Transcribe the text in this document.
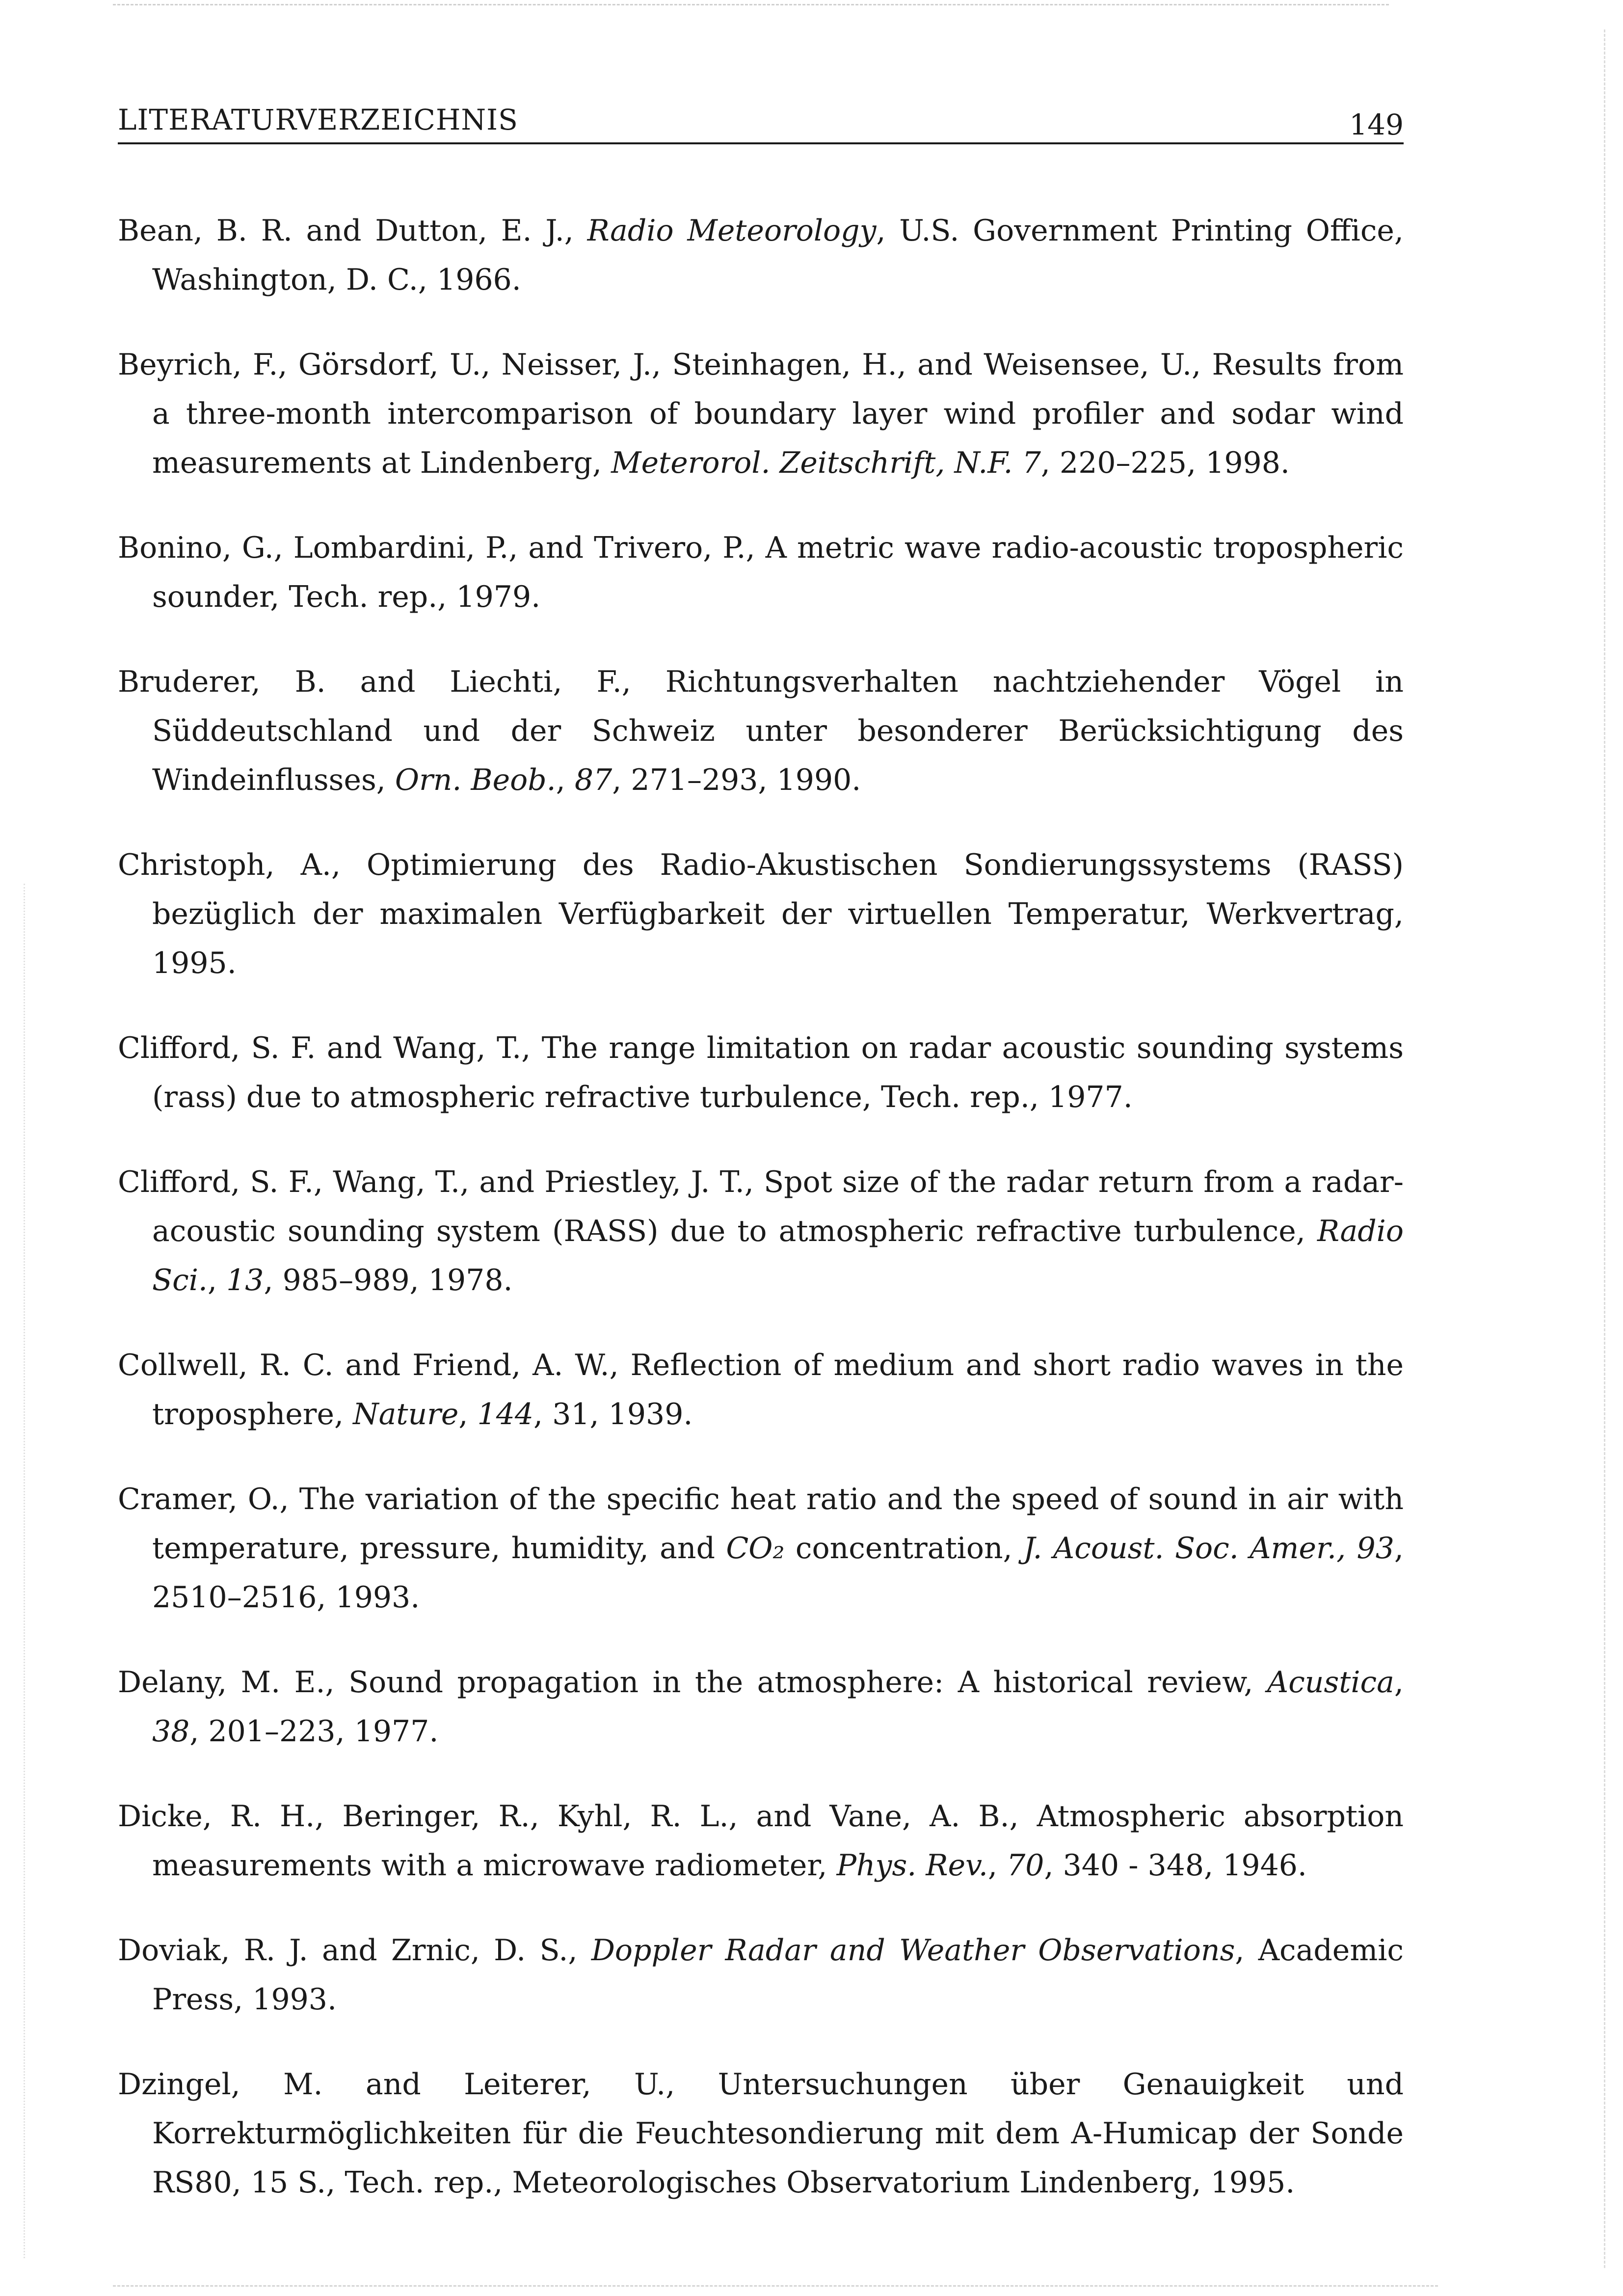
LITERATURVERZEICHNIS	149

Bean, B. R. and Dutton, E. J., Radio Meteorology, U.S. Government Printing Office, Washington, D. C., 1966.

Beyrich, F., Görsdorf, U., Neisser, J., Steinhagen, H., and Weisensee, U., Results from a three-month intercomparison of boundary layer wind profiler and sodar wind measurements at Lindenberg, Meterorol. Zeitschrift, N.F. 7, 220–225, 1998.

Bonino, G., Lombardini, P., and Trivero, P., A metric wave radio-acoustic tropospheric sounder, Tech. rep., 1979.

Bruderer, B. and Liechti, F., Richtungsverhalten nachtziehender Vögel in Süddeutschland und der Schweiz unter besonderer Berücksichtigung des Windeinflusses, Orn. Beob., 87, 271–293, 1990.

Christoph, A., Optimierung des Radio-Akustischen Sondierungssystems (RASS) bezüglich der maximalen Verfügbarkeit der virtuellen Temperatur, Werkvertrag, 1995.

Clifford, S. F. and Wang, T., The range limitation on radar acoustic sounding systems (rass) due to atmospheric refractive turbulence, Tech. rep., 1977.

Clifford, S. F., Wang, T., and Priestley, J. T., Spot size of the radar return from a radar-acoustic sounding system (RASS) due to atmospheric refractive turbulence, Radio Sci., 13, 985–989, 1978.

Collwell, R. C. and Friend, A. W., Reflection of medium and short radio waves in the troposphere, Nature, 144, 31, 1939.

Cramer, O., The variation of the specific heat ratio and the speed of sound in air with temperature, pressure, humidity, and CO₂ concentration, J. Acoust. Soc. Amer., 93, 2510–2516, 1993.

Delany, M. E., Sound propagation in the atmosphere: A historical review, Acustica, 38, 201–223, 1977.

Dicke, R. H., Beringer, R., Kyhl, R. L., and Vane, A. B., Atmospheric absorption measurements with a microwave radiometer, Phys. Rev., 70, 340 - 348, 1946.

Doviak, R. J. and Zrnic, D. S., Doppler Radar and Weather Observations, Academic Press, 1993.

Dzingel, M. and Leiterer, U., Untersuchungen über Genauigkeit und Korrekturmöglichkeiten für die Feuchtesondierung mit dem A-Humicap der Sonde RS80, 15 S., Tech. rep., Meteorologisches Observatorium Lindenberg, 1995.
